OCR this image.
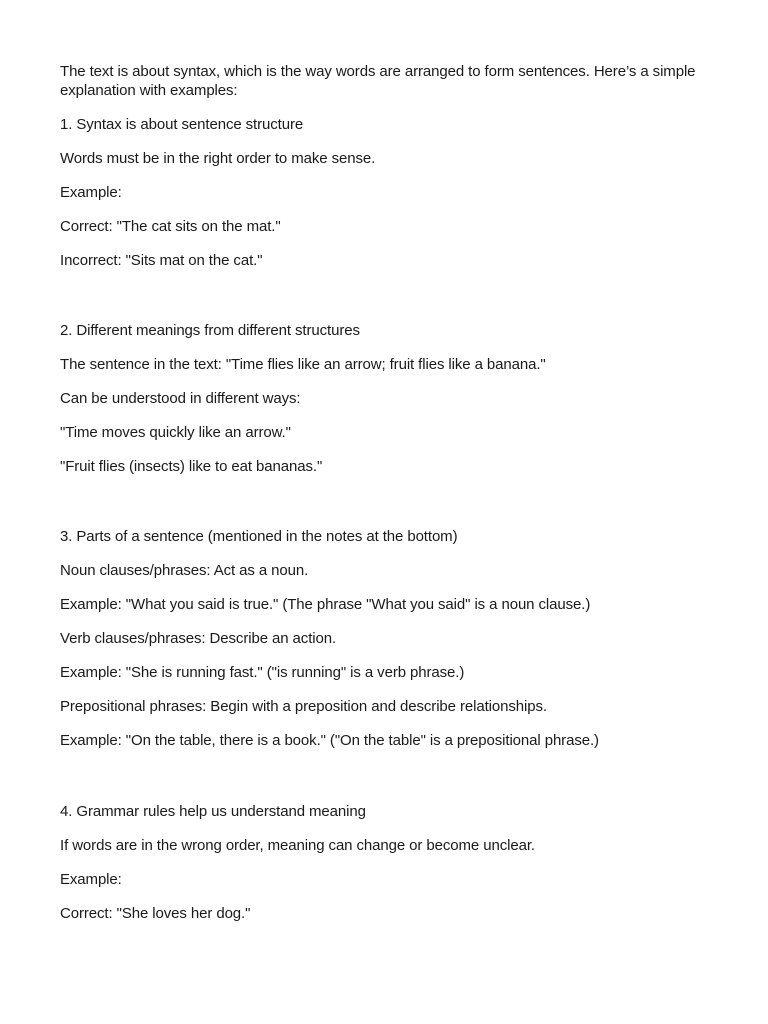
The text is about syntax, which is the way words are arranged to form sentences. Here’s a simple
explanation with examples:
1. Syntax is about sentence structure
Words must be in the right order to make sense.
Example:
Correct: "The cat sits on the mat."
Incorrect: "Sits mat on the cat."
2. Different meanings from different structures
The sentence in the text: "Time flies like an arrow; fruit flies like a banana."
Can be understood in different ways:
"Time moves quickly like an arrow."
"Fruit flies (insects) like to eat bananas."
3. Parts of a sentence (mentioned in the notes at the bottom)
Noun clauses/phrases: Act as a noun.
Example: "What you said is true." (The phrase "What you said" is a noun clause.)
Verb clauses/phrases: Describe an action.
Example: "She is running fast." ("is running" is a verb phrase.)
Prepositional phrases: Begin with a preposition and describe relationships.
Example: "On the table, there is a book." ("On the table" is a prepositional phrase.)
4. Grammar rules help us understand meaning
If words are in the wrong order, meaning can change or become unclear.
Example:
Correct: "She loves her dog."
